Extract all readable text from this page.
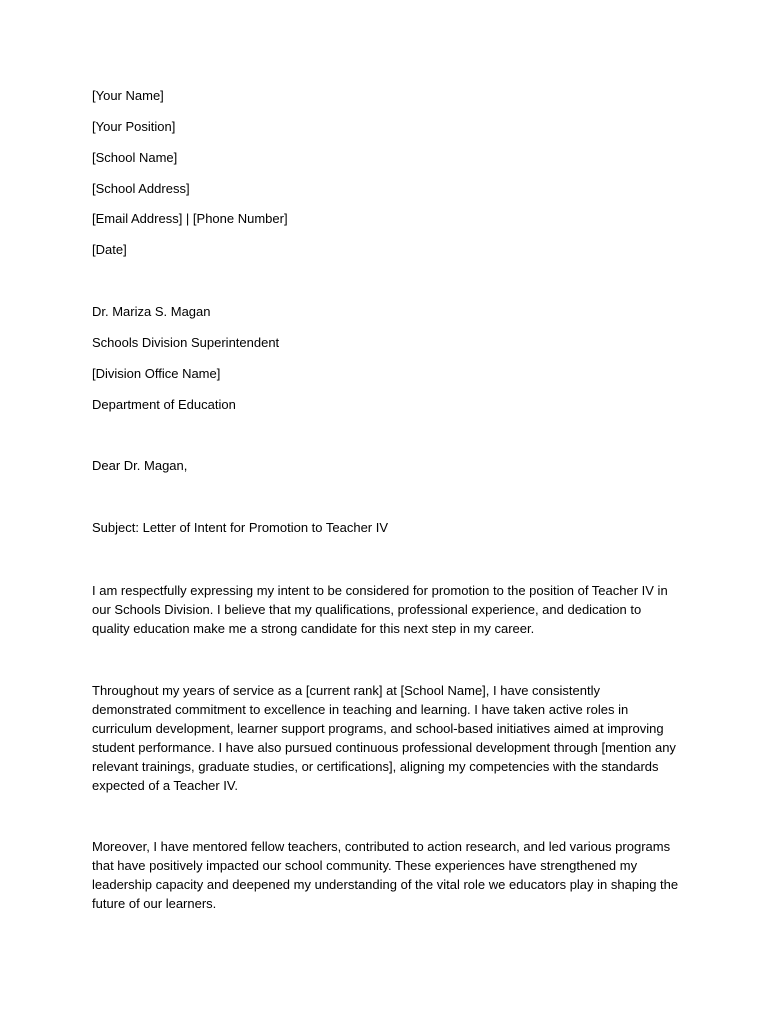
[Your Name]
[Your Position]
[School Name]
[School Address]
[Email Address] | [Phone Number]
[Date]
Dr. Mariza S. Magan
Schools Division Superintendent
[Division Office Name]
Department of Education
Dear Dr. Magan,
Subject: Letter of Intent for Promotion to Teacher IV

I am respectfully expressing my intent to be considered for promotion to the position of Teacher IV in our Schools Division. I believe that my qualifications, professional experience, and dedication to quality education make me a strong candidate for this next step in my career.

Throughout my years of service as a [current rank] at [School Name], I have consistently demonstrated commitment to excellence in teaching and learning. I have taken active roles in curriculum development, learner support programs, and school-based initiatives aimed at improving student performance. I have also pursued continuous professional development through [mention any relevant trainings, graduate studies, or certifications], aligning my competencies with the standards expected of a Teacher IV.

Moreover, I have mentored fellow teachers, contributed to action research, and led various programs that have positively impacted our school community. These experiences have strengthened my leadership capacity and deepened my understanding of the vital role we educators play in shaping the future of our learners.
